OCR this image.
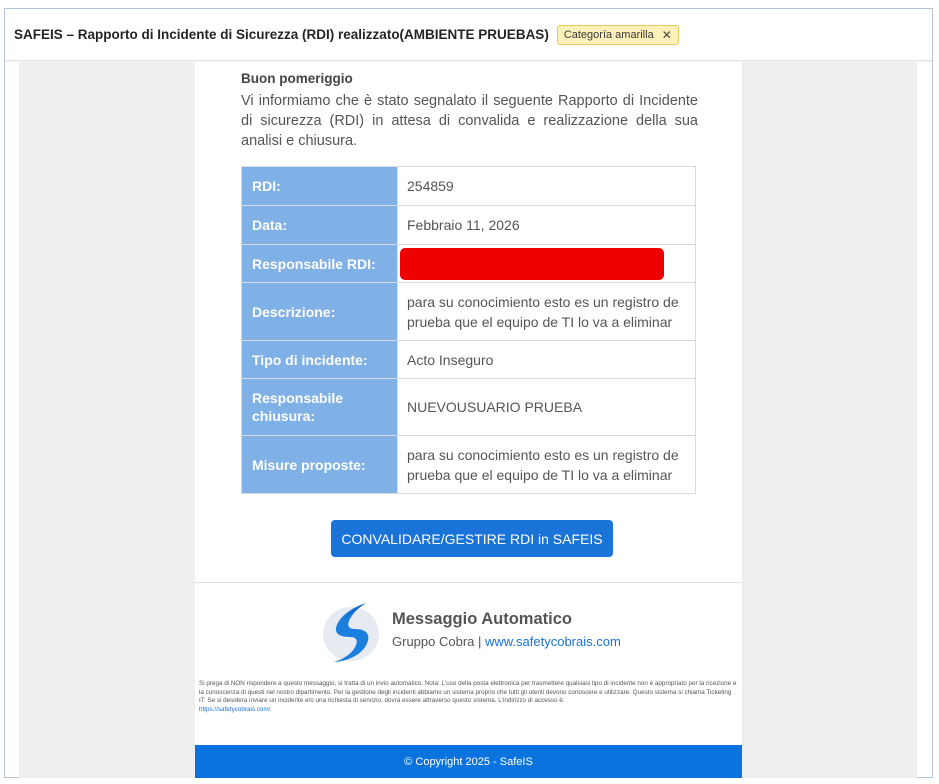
SAFEIS – Rapporto di Incidente di Sicurezza (RDI) realizzato(AMBIENTE PRUEBAS) Categoría amarilla ✕
Buon pomeriggio
Vi informiamo che è stato segnalato il seguente Rapporto di Incidente di sicurezza (RDI) in attesa di convalida e realizzazione della sua analisi e chiusura.
RDI:	254859
Data:	Febbraio 11, 2026
Responsabile RDI:	

Descrizione:	para su conocimiento esto es un registro de prueba que el equipo de TI lo va a eliminar
Tipo di incidente:	Acto Inseguro
Responsabile chiusura:	NUEVOUSUARIO PRUEBA
Misure proposte:	para su conocimiento esto es un registro de prueba que el equipo de TI lo va a eliminar
CONVALIDARE/GESTIRE RDI in SAFEIS
Messaggio Automatico
Gruppo Cobra | www.safetycobrais.com
Si prega di NON rispondere a questo messaggio, si tratta di un invio automatico. Nota: L'uso della posta elettronica per trasmettere qualsiasi tipo di incidente non è appropriato per la ricezione e la conoscenza di questi nel nostro dipartimento. Per la gestione degli incidenti abbiamo un sistema proprio che tutti gli utenti devono conoscere e utilizzare. Questo sistema si chiama Ticketing IT. Se si desidera inviare un incidente e/o una richiesta di servizio, dovrà essere attraverso questo sistema. L'indirizzo di accesso è:
https://safetycobrais.com/
© Copyright 2025 - SafeIS
